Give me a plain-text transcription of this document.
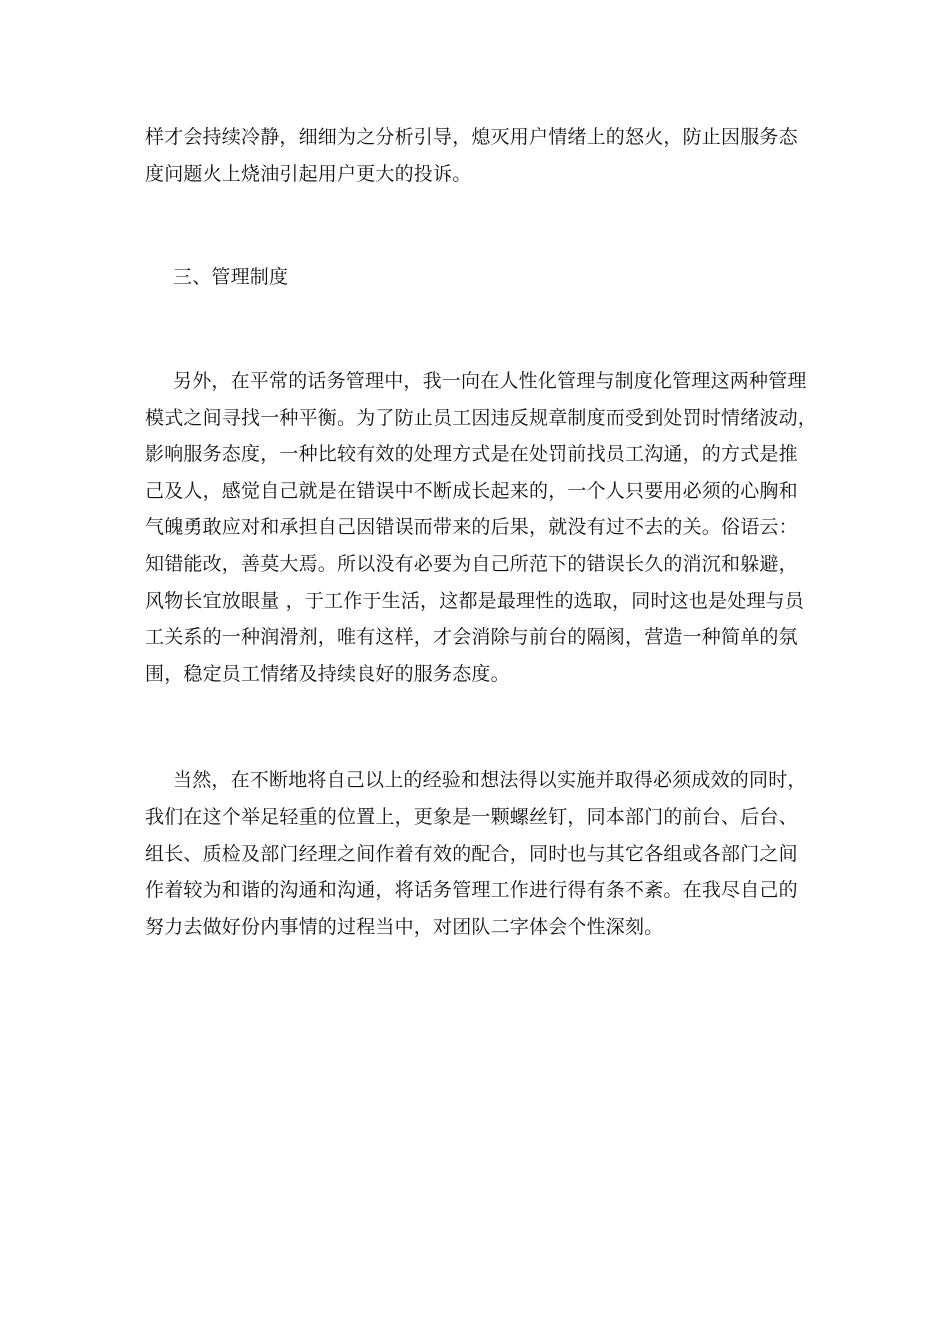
样才会持续冷静，细细为之分析引导，熄灭用户情绪上的怒火，防止因服务态
度问题火上烧油引起用户更大的投诉。
三、管理制度
另外，在平常的话务管理中，我一向在人性化管理与制度化管理这两种管理
模式之间寻找一种平衡。为了防止员工因违反规章制度而受到处罚时情绪波动，
影响服务态度，一种比较有效的处理方式是在处罚前找员工沟通，的方式是推
己及人，感觉自己就是在错误中不断成长起来的，一个人只要用必须的心胸和
气魄勇敢应对和承担自己因错误而带来的后果，就没有过不去的关。俗语云：
知错能改，善莫大焉。所以没有必要为自己所范下的错误长久的消沉和躲避，
风物长宜放眼量 ，于工作于生活，这都是最理性的选取，同时这也是处理与员
工关系的一种润滑剂，唯有这样，才会消除与前台的隔阂，营造一种简单的氛
围，稳定员工情绪及持续良好的服务态度。
当然，在不断地将自己以上的经验和想法得以实施并取得必须成效的同时，
我们在这个举足轻重的位置上，更象是一颗螺丝钉，同本部门的前台、后台、
组长、质检及部门经理之间作着有效的配合，同时也与其它各组或各部门之间
作着较为和谐的沟通和沟通，将话务管理工作进行得有条不紊。在我尽自己的
努力去做好份内事情的过程当中，对团队二字体会个性深刻。
